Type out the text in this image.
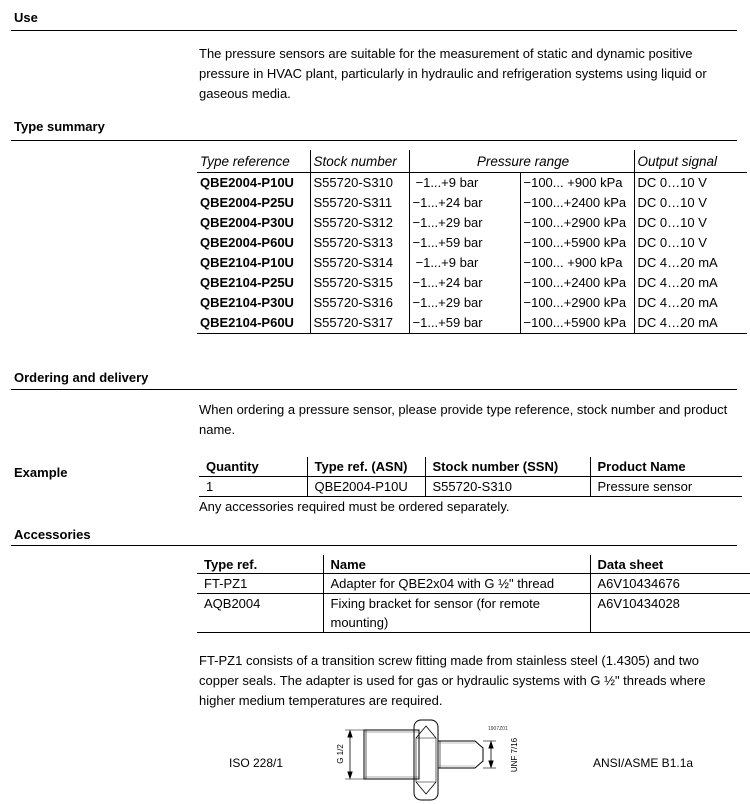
Use
The pressure sensors are suitable for the measurement of static and dynamic positive pressure in HVAC plant, particularly in hydraulic and refrigeration systems using liquid or gaseous media.
Type summary
Type reference	Stock number	Pressure range		Output signal
QBE2004-P10U	S55720-S310	−1...+9 bar	−100... +900 kPa	DC 0…10 V
QBE2004-P25U	S55720-S311	−1...+24 bar	−100...+2400 kPa	DC 0…10 V
QBE2004-P30U	S55720-S312	−1...+29 bar	−100...+2900 kPa	DC 0…10 V
QBE2004-P60U	S55720-S313	−1...+59 bar	−100...+5900 kPa	DC 0…10 V
QBE2104-P10U	S55720-S314	−1...+9 bar	−100... +900 kPa	DC 4…20 mA
QBE2104-P25U	S55720-S315	−1...+24 bar	−100...+2400 kPa	DC 4…20 mA
QBE2104-P30U	S55720-S316	−1...+29 bar	−100...+2900 kPa	DC 4…20 mA
QBE2104-P60U	S55720-S317	−1...+59 bar	−100...+5900 kPa	DC 4…20 mA
Ordering and delivery
When ordering a pressure sensor, please provide type reference, stock number and product name.
Example	Quantity	Type ref. (ASN)	Stock number (SSN)	Product Name
1	QBE2004-P10U	S55720-S310	Pressure sensor
Any accessories required must be ordered separately.
Accessories
Type ref.	Name	Data sheet
FT-PZ1	Adapter for QBE2x04 with G ½" thread	A6V10434676
AQB2004	Fixing bracket for sensor (for remote mounting)	A6V10434028
FT-PZ1 consists of a transition screw fitting made from stainless steel (1.4305) and two copper seals. The adapter is used for gas or hydraulic systems with G ½" threads where higher medium temperatures are required.
ISO 228/1	ANSI/ASME B1.1a
1907Z01
G 1/2	UNF 7/16
